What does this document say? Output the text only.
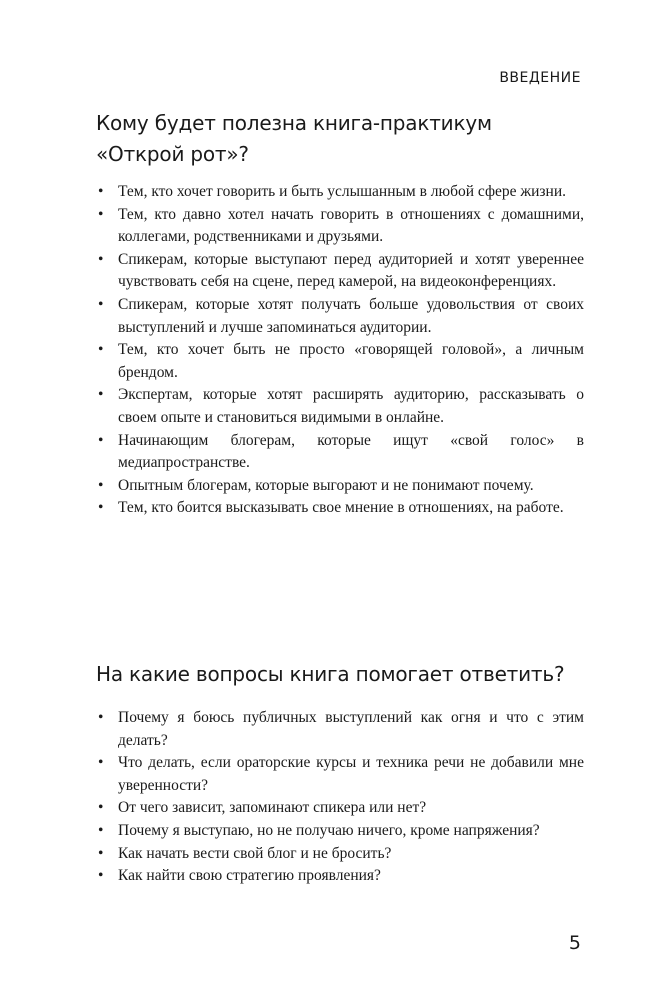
ВВЕДЕНИЕ
Кому будет полезна книга-практикум
«Открой рот»?
• Тем, кто хочет говорить и быть услышанным в любой сфере жизни.
• Тем, кто давно хотел начать говорить в отношениях с домашними, коллегами, родственниками и друзьями.
• Спикерам, которые выступают перед аудиторией и хотят увереннее чувствовать себя на сцене, перед камерой, на видеоконференциях.
• Спикерам, которые хотят получать больше удовольствия от своих выступлений и лучше запоминаться аудитории.
• Тем, кто хочет быть не просто «говорящей головой», а личным брендом.
• Экспертам, которые хотят расширять аудиторию, рассказывать о своем опыте и становиться видимыми в онлайне.
• Начинающим блогерам, которые ищут «свой голос» в медиапространстве.
• Опытным блогерам, которые выгорают и не понимают почему.
• Тем, кто боится высказывать свое мнение в отношениях, на работе.
На какие вопросы книга помогает ответить?
• Почему я боюсь публичных выступлений как огня и что с этим делать?
• Что делать, если ораторские курсы и техника речи не добавили мне уверенности?
• От чего зависит, запоминают спикера или нет?
• Почему я выступаю, но не получаю ничего, кроме напряжения?
• Как начать вести свой блог и не бросить?
• Как найти свою стратегию проявления?
5
